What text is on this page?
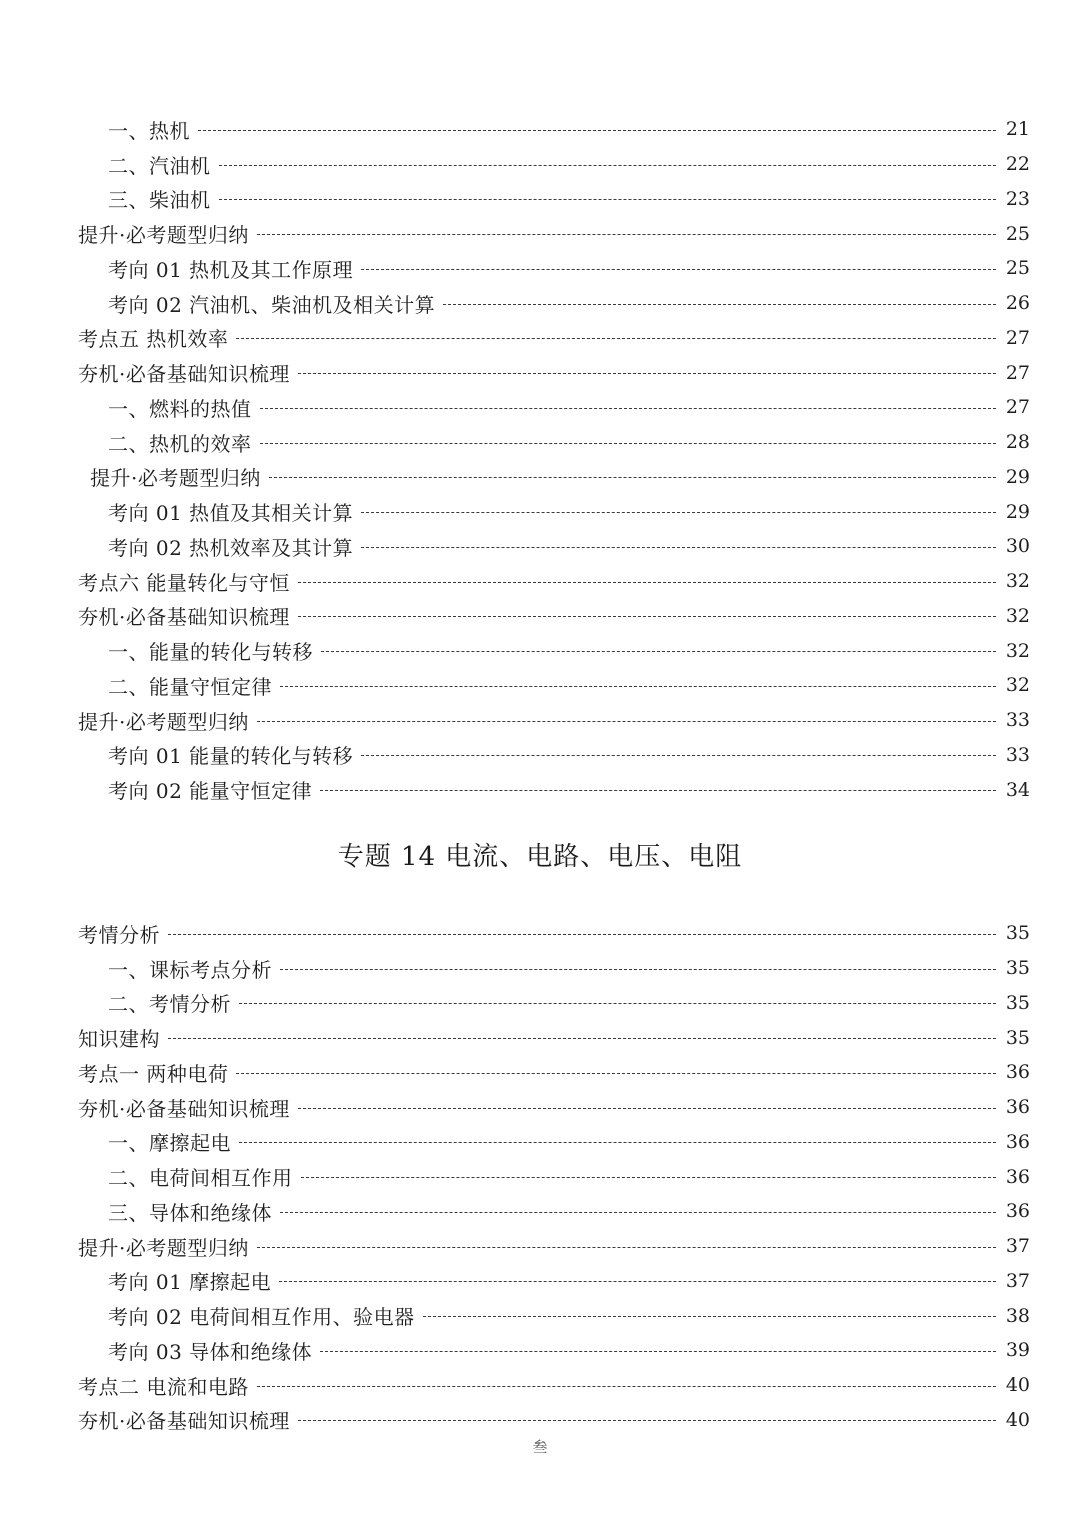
一、热机	21
二、汽油机	22
三、柴油机	23
提升·必考题型归纳	25
考向 01 热机及其工作原理	25
考向 02 汽油机、柴油机及相关计算	26
考点五 热机效率	27
夯机·必备基础知识梳理	27
一、燃料的热值	27
二、热机的效率	28
提升·必考题型归纳	29
考向 01 热值及其相关计算	29
考向 02 热机效率及其计算	30
考点六 能量转化与守恒	32
夯机·必备基础知识梳理	32
一、能量的转化与转移	32
二、能量守恒定律	32
提升·必考题型归纳	33
考向 01 能量的转化与转移	33
考向 02 能量守恒定律	34
专题 14 电流、电路、电压、电阻
考情分析	35
一、课标考点分析	35
二、考情分析	35
知识建构	35
考点一 两种电荷	36
夯机·必备基础知识梳理	36
一、摩擦起电	36
二、电荷间相互作用	36
三、导体和绝缘体	36
提升·必考题型归纳	37
考向 01 摩擦起电	37
考向 02 电荷间相互作用、验电器	38
考向 03 导体和绝缘体	39
考点二 电流和电路	40
夯机·必备基础知识梳理	40
叁
